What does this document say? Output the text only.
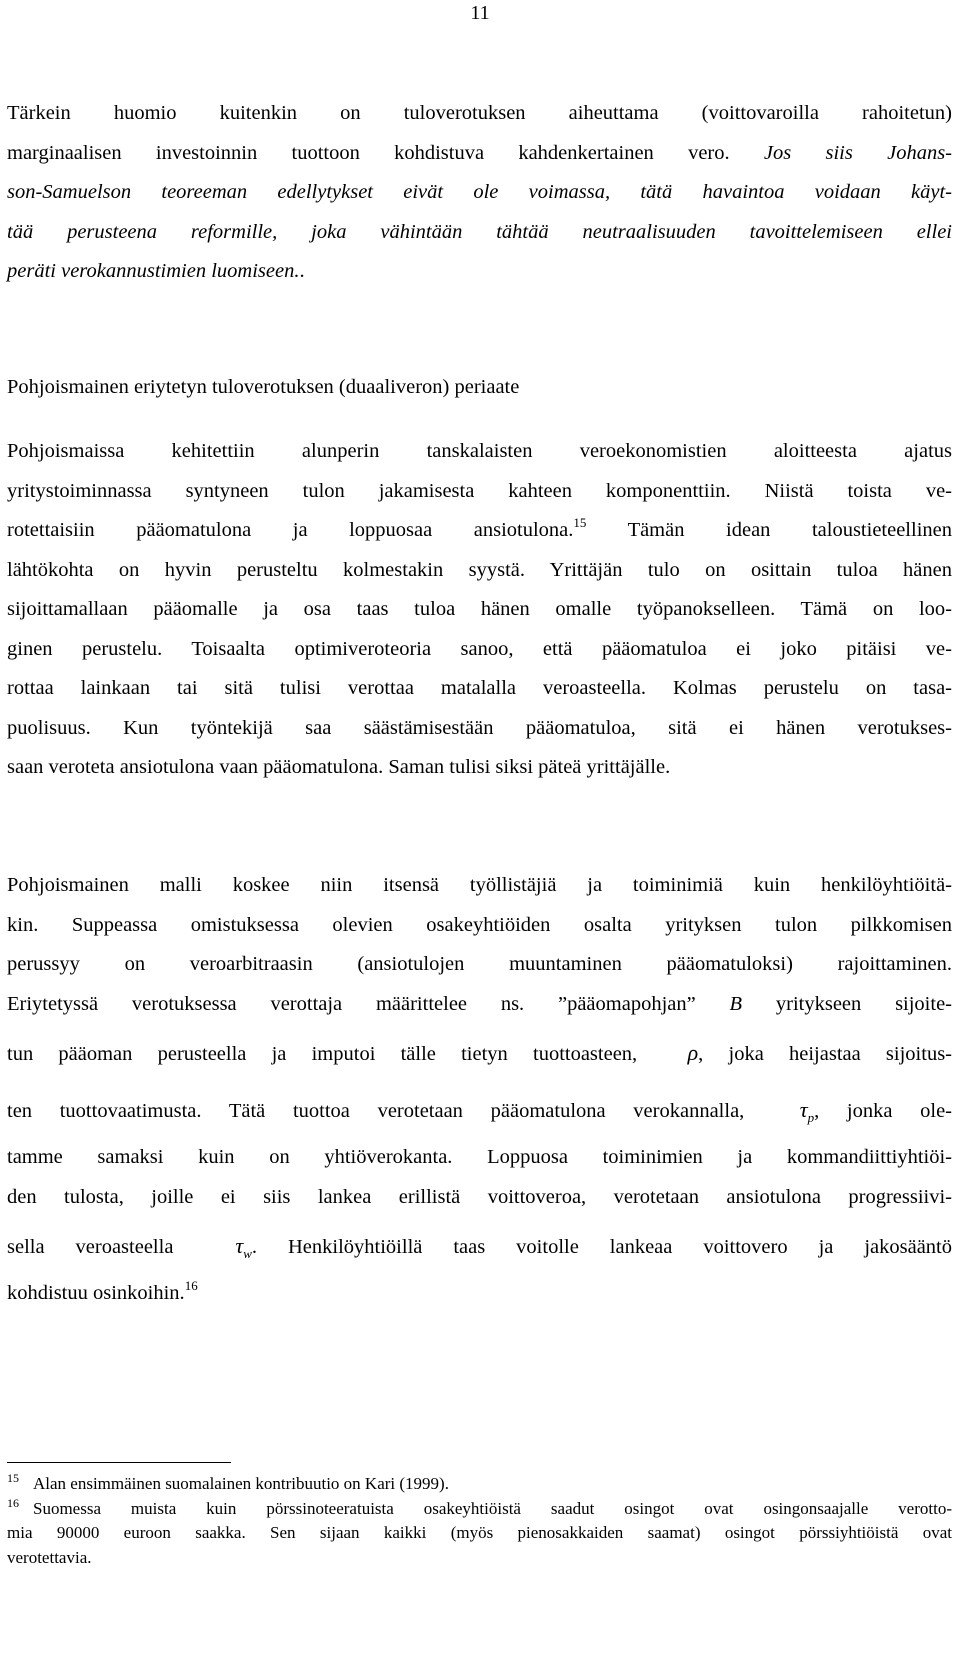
11
Tärkein huomio kuitenkin on tuloverotuksen aiheuttama (voittovaroilla rahoitetun)
marginaalisen investoinnin tuottoon kohdistuva kahdenkertainen vero. Jos siis Johans-
son-Samuelson teoreeman edellytykset eivät ole voimassa, tätä havaintoa voidaan käyt-
tää perusteena reformille, joka vähintään tähtää neutraalisuuden tavoittelemiseen ellei
peräti verokannustimien luomiseen..
Pohjoismainen eriytetyn tuloverotuksen (duaaliveron) periaate
Pohjoismaissa kehitettiin alunperin tanskalaisten veroekonomistien aloitteesta ajatus
yritystoiminnassa syntyneen tulon jakamisesta kahteen komponenttiin. Niistä toista ve-
rotettaisiin pääomatulona ja loppuosaa ansiotulona.$^{15}$ Tämän idean taloustieteellinen
lähtökohta on hyvin perusteltu kolmestakin syystä. Yrittäjän tulo on osittain tuloa hänen
sijoittamallaan pääomalle ja osa taas tuloa hänen omalle työpanokselleen. Tämä on loo-
ginen perustelu. Toisaalta optimiveroteoria sanoo, että pääomatuloa ei joko pitäisi ve-
rottaa lainkaan tai sitä tulisi verottaa matalalla veroasteella. Kolmas perustelu on tasa-
puolisuus. Kun työntekijä saa säästämisestään pääomatuloa, sitä ei hänen verotukses-
saan veroteta ansiotulona vaan pääomatulona. Saman tulisi siksi päteä yrittäjälle.
Pohjoismainen malli koskee niin itsensä työllistäjiä ja toiminimiä kuin henkilöyhtiöitä-
kin. Suppeassa omistuksessa olevien osakeyhtiöiden osalta yrityksen tulon pilkkomisen
perussyy on veroarbitraasin (ansiotulojen muuntaminen pääomatuloksi) rajoittaminen.
Eriytetyssä verotuksessa verottaja määrittelee ns. ”pääomapohjan” B yritykseen sijoite-
tun pääoman perusteella ja imputoi tälle tietyn tuottoasteen, ρ, joka heijastaa sijoitus-
ten tuottovaatimusta. Tätä tuottoa verotetaan pääomatulona verokannalla,	$\tau_p$, jonka ole-
tamme samaksi kuin on yhtiöverokanta. Loppuosa toiminimien ja kommandiittiyhtiöi-
den tulosta, joille ei siis lankea erillistä voittoveroa, verotetaan ansiotulona progressiivi-
sella veroasteella	$\tau_w$. Henkilöyhtiöillä taas voitolle lankeaa voittovero ja jakosääntö
kohdistuu osinkoihin.$^{16}$
$^{15}$ Alan ensimmäinen suomalainen kontribuutio on Kari (1999).
$^{16}$ Suomessa muista kuin pörssinoteeratuista osakeyhtiöistä saadut osingot ovat osingonsaajalle verotto-
mia 90000 euroon saakka. Sen sijaan kaikki (myös pienosakkaiden saamat) osingot pörssiyhtiöistä ovat
verotettavia.
